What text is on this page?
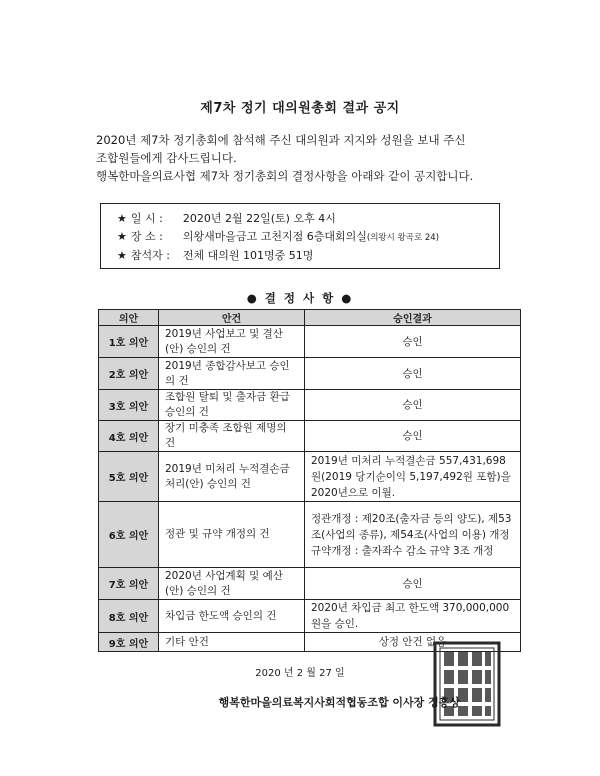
제7차 정기 대의원총회 결과 공지

2020년 제7차 정기총회에 참석해 주신 대의원과 지지와 성원을 보내 주신

조합원들에게 감사드립니다.

행복한마을의료사협 제7차 정기총회의 결정사항을 아래와 같이 공지합니다.

★ 일 시 : 2020년 2월 22일(토) 오후 4시
★ 장 소 : 의왕새마을금고 고천지점 6층대회의실(의왕시 왕곡로 24)
★ 참석자 : 전체 대의원 101명중 51명
● 결 정 사 항 ●
의안	안건	승인결과
1호 의안	2019년 사업보고 및 결산(안) 승인의 건	승인
2호 의안	2019년 종합감사보고 승인의 건	승인
3호 의안	조합원 탈퇴 및 출자금 환급 승인의 건	승인
4호 의안	장기 미충족 조합원 제명의 건	승인
5호 의안	2019년 미처리 누적결손금 처리(안) 승인의 건	2019년 미처리 누적결손금 557,431,698원(2019 당기순이익 5,197,492원 포함)을 2020년으로 이월.
6호 의안	정관 및 규약 개정의 건	정관개정 : 제20조(출자금 등의 양도), 제53조(사업의 종류), 제54조(사업의 이용) 개정
규약개정 : 출자좌수 감소 규약 3조 개정

7호 의안	2020년 사업계획 및 예산(안) 승인의 건	승인
8호 의안	차입금 한도액 승인의 건	2020년 차입금 최고 한도액 370,000,000원을 승인.
9호 의안	기타 안건	상정 안건 없음
2020 년 2 월 27 일
행복한마을의료복지사회적협동조합 이사장 정흥상
